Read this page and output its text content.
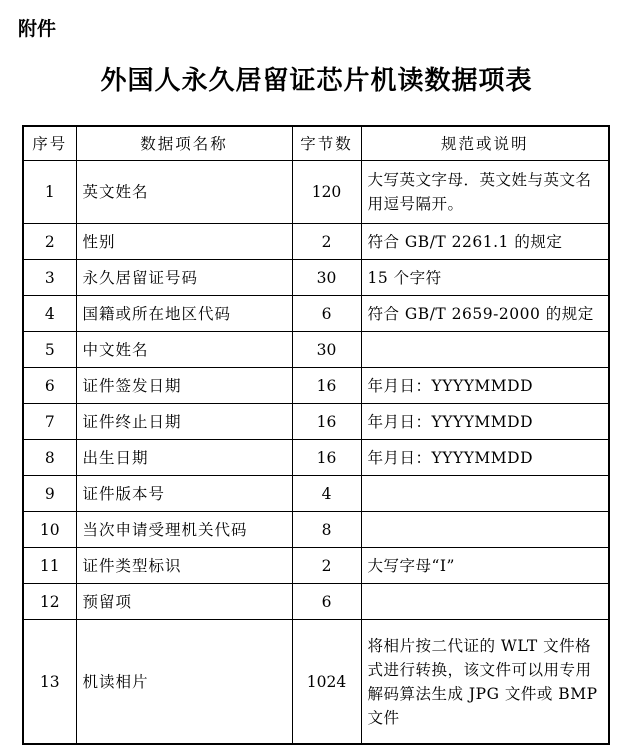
附件
外国人永久居留证芯片机读数据项表
序号	数据项名称	字节数	规范或说明
1	英文姓名	120	大写英文字母．英文姓与英文名用逗号隔开。
2	性别	2	符合 GB/T 2261.1 的规定
3	永久居留证号码	30	15 个字符
4	国籍或所在地区代码	6	符合 GB/T 2659-2000 的规定
5	中文姓名	30	
6	证件签发日期	16	年月日：YYYYMMDD
7	证件终止日期	16	年月日：YYYYMMDD
8	出生日期	16	年月日：YYYYMMDD
9	证件版本号	4	
10	当次申请受理机关代码	8	
11	证件类型标识	2	大写字母“I”
12	预留项	6	
13	机读相片	1024	将相片按二代证的 WLT 文件格式进行转换，该文件可以用专用解码算法生成 JPG 文件或 BMP 文件
